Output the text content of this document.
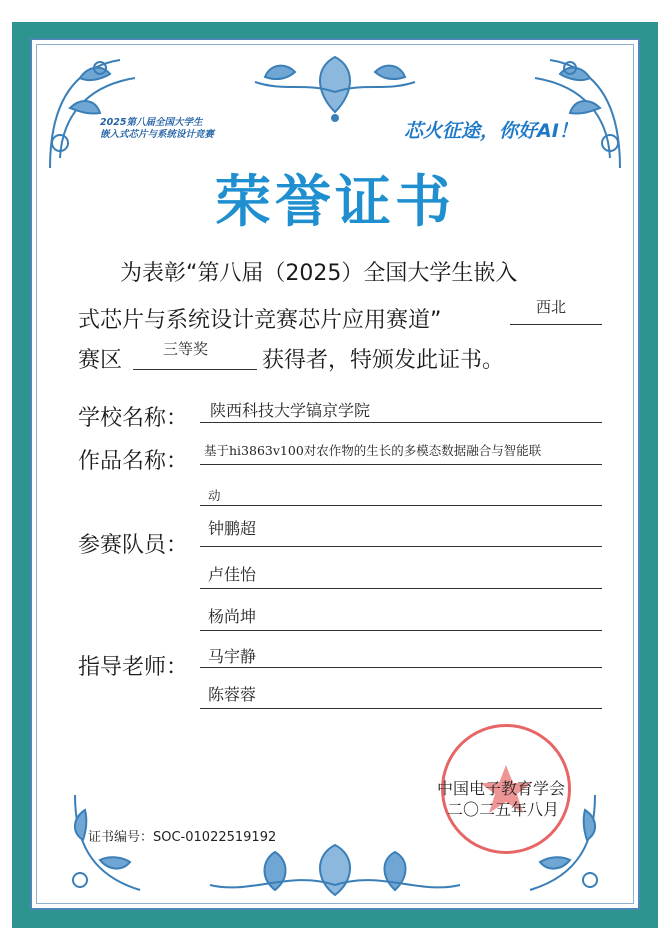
2025第八届全国大学生
嵌入式芯片与系统设计竞赛	芯火征途，你好AI！
荣誉证书
为表彰“第八届（2025）全国大学生嵌入
式芯片与系统设计竞赛芯片应用赛道”
西北
赛区	三等奖 获得者，特颁发此证书。
学校名称： 陕西科技大学镐京学院
作品名称： 基于hi3863v100对农作物的生长的多模态数据融合与智能联
动
参赛队员：
钟鹏超
卢佳怡
杨尚坤
指导老师： 马宇静
陈蓉蓉
中国电子教育学会
二〇二五年八月
证书编号：SOC-01022519192
